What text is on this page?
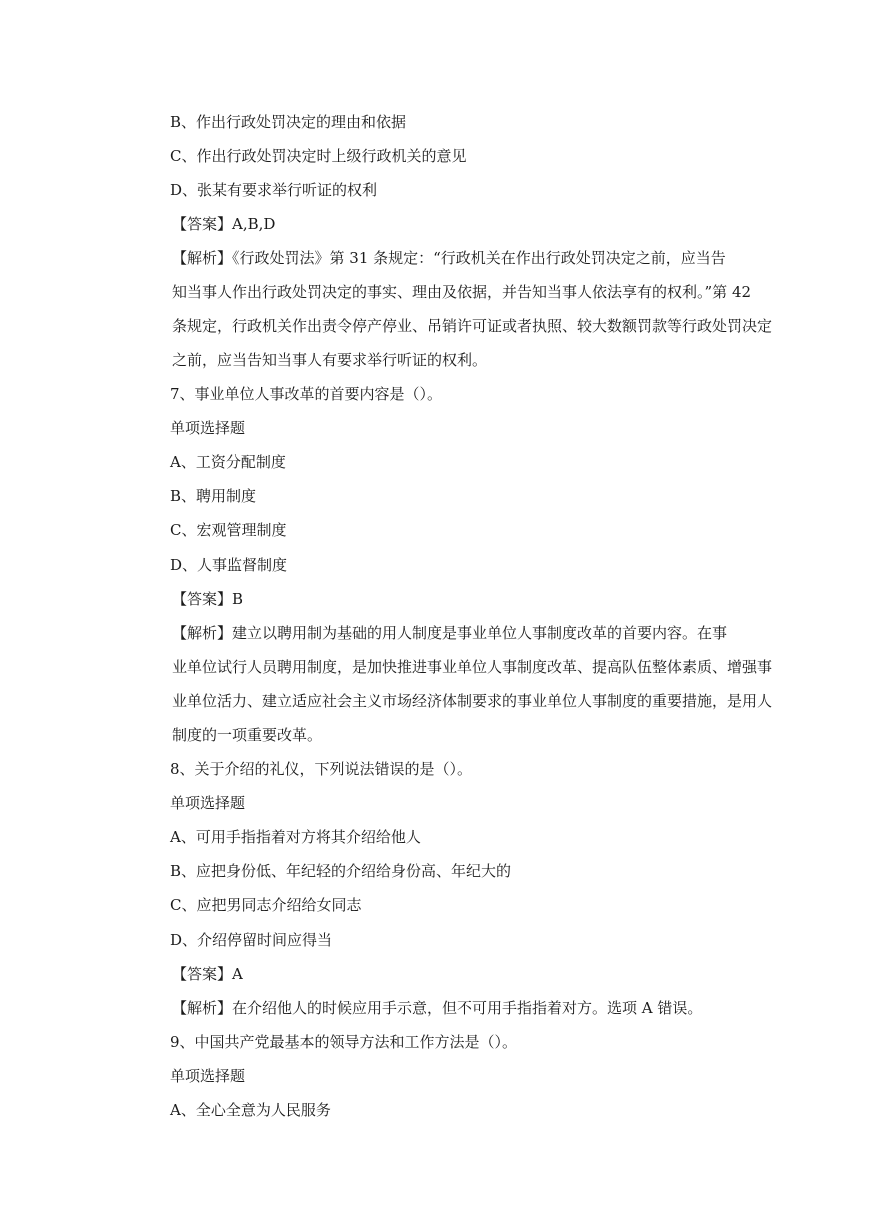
B、作出行政处罚决定的理由和依据
C、作出行政处罚决定时上级行政机关的意见
D、张某有要求举行听证的权利
【答案】A,B,D
【解析】《行政处罚法》第 31 条规定：“行政机关在作出行政处罚决定之前，应当告
知当事人作出行政处罚决定的事实、理由及依据，并告知当事人依法享有的权利。”第 42
条规定，行政机关作出责令停产停业、吊销许可证或者执照、较大数额罚款等行政处罚决定
之前，应当告知当事人有要求举行听证的权利。
7、事业单位人事改革的首要内容是（）。
单项选择题
A、工资分配制度
B、聘用制度
C、宏观管理制度
D、人事监督制度
【答案】B
【解析】建立以聘用制为基础的用人制度是事业单位人事制度改革的首要内容。在事
业单位试行人员聘用制度，是加快推进事业单位人事制度改革、提高队伍整体素质、增强事
业单位活力、建立适应社会主义市场经济体制要求的事业单位人事制度的重要措施，是用人
制度的一项重要改革。
8、关于介绍的礼仪，下列说法错误的是（）。
单项选择题
A、可用手指指着对方将其介绍给他人
B、应把身份低、年纪轻的介绍给身份高、年纪大的
C、应把男同志介绍给女同志
D、介绍停留时间应得当
【答案】A
【解析】在介绍他人的时候应用手示意，但不可用手指指着对方。选项 A 错误。
9、中国共产党最基本的领导方法和工作方法是（）。
单项选择题
A、全心全意为人民服务
